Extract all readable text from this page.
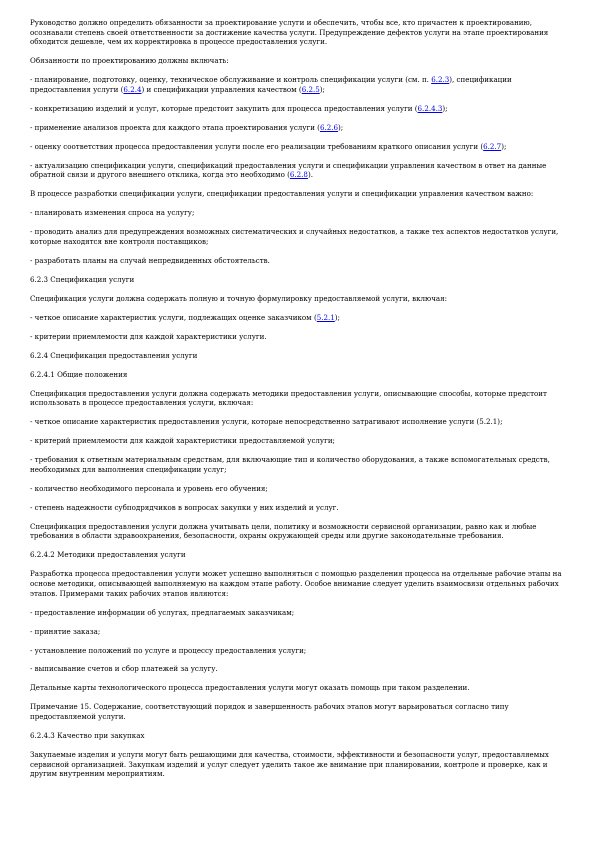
Руководство должно определить обязанности за проектирование услуги и обеспечить, чтобы все, кто причастен к проектированию, осознавали степень своей ответственности за достижение качества услуги. Предупреждение дефектов услуги на этапе проектирования обходится дешевле, чем их корректировка в процессе предоставления услуги.

Обязанности по проектированию должны включать:

- планирование, подготовку, оценку, техническое обслуживание и контроль спецификации услуги (см. п. 6.2.3), спецификации предоставления услуги (6.2.4) и спецификации управления качеством (6.2.5);

- конкретизацию изделий и услуг, которые предстоит закупить для процесса предоставления услуги (6.2.4.3);

- применение анализов проекта для каждого этапа проектирования услуги (6.2.6);

- оценку соответствия процесса предоставления услуги после его реализации требованиям краткого описания услуги (6.2.7);

- актуализацию спецификации услуги, спецификаций предоставления услуги и спецификации управления качеством в ответ на данные обратной связи и другого внешнего отклика, когда это необходимо (6.2.8).

В процессе разработки спецификации услуги, спецификации предоставления услуги и спецификации управления качеством важно:

- планировать изменения спроса на услугу;

- проводить анализ для предупреждения возможных систематических и случайных недостатков, а также тех аспектов недостатков услуги, которые находятся вне контроля поставщиков;

- разработать планы на случай непредвиденных обстоятельств.

6.2.3 Спецификация услуги

Спецификация услуги должна содержать полную и точную формулировку предоставляемой услуги, включая:

- четкое описание характеристик услуги, подлежащих оценке заказчиком (5.2.1);

- критерии приемлемости для каждой характеристики услуги.

6.2.4 Спецификация предоставления услуги

6.2.4.1 Общие положения

Спецификация предоставления услуги должна содержать методики предоставления услуги, описывающие способы, которые предстоит использовать в процессе предоставления услуги, включая:

- четкое описание характеристик предоставления услуги, которые непосредственно затрагивают исполнение услуги (5.2.1);

- критерий приемлемости для каждой характеристики предоставляемой услуги;

- требования к ответным материальным средствам, для включающие тип и количество оборудования, а также вспомогательных средств, необходимых для выполнения спецификации услуг;

- количество необходимого персонала и уровень его обучения;

- степень надежности субподрядчиков в вопросах закупки у них изделий и услуг.

Спецификация предоставления услуги должна учитывать цели, политику и возможности сервисной организации, равно как и любые требования в области здравоохранения, безопасности, охраны окружающей среды или другие законодательные требования.

6.2.4.2 Методики предоставления услуги

Разработка процесса предоставления услуги может успешно выполняться с помощью разделения процесса на отдельные рабочие этапы на основе методики, описывающей выполняемую на каждом этапе работу. Особое внимание следует уделить взаимосвязи отдельных рабочих этапов. Примерами таких рабочих этапов являются:

- предоставление информации об услугах, предлагаемых заказчикам;

- принятие заказа;

- установление положений по услуге и процессу предоставления услуги;

- выписывание счетов и сбор платежей за услугу.

Детальные карты технологического процесса предоставления услуги могут оказать помощь при таком разделении.

Примечание 15. Содержание, соответствующий порядок и завершенность рабочих этапов могут варьироваться согласно типу предоставляемой услуги.

6.2.4.3 Качество при закупках

Закупаемые изделия и услуги могут быть решающими для качества, стоимости, эффективности и безопасности услуг, предоставляемых сервисной организацией. Закупкам изделий и услуг следует уделить такое же внимание при планировании, контроле и проверке, как и другим внутренним мероприятиям.
